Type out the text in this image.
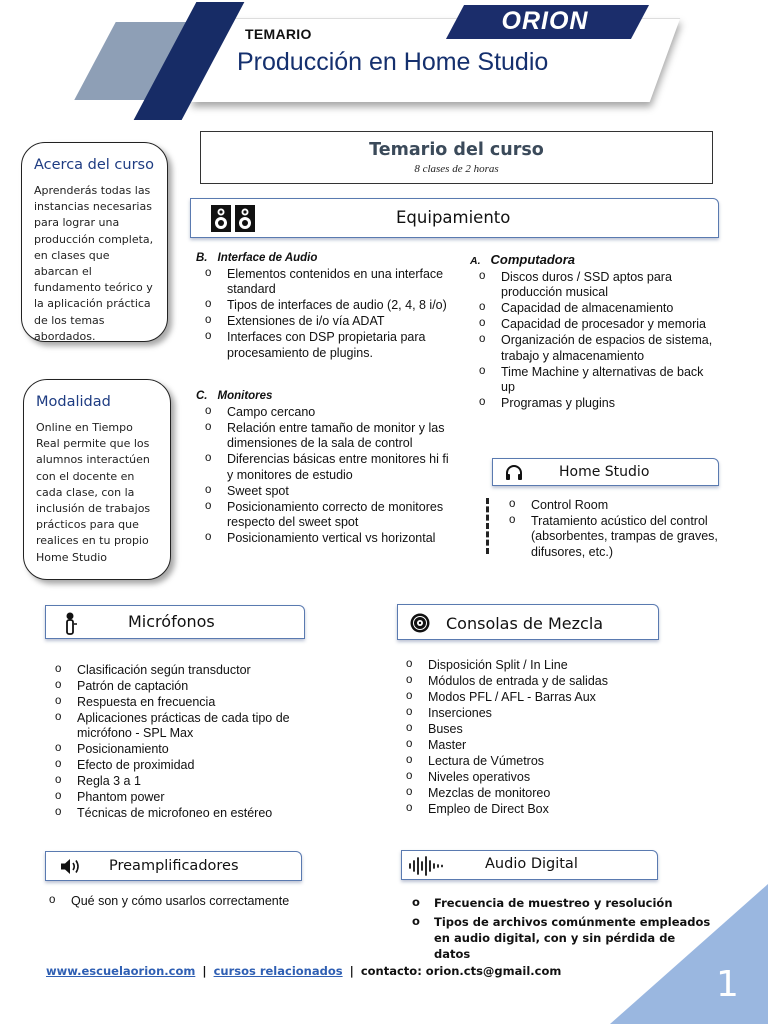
ORION
TEMARIO
Producción en Home Studio
Acerca del curso

Aprenderás todas las instancias necesarias para lograr una producción completa, en clases que abarcan el fundamento teórico y la aplicación práctica de los temas abordados.

Modalidad

Online en Tiempo Real permite que los alumnos interactúen con el docente en cada clase, con la inclusión de trabajos prácticos para que realices en tu propio Home Studio

Temario del curso
8 clases de 2 horas
Equipamiento
B. Interface de Audio
o Elementos contenidos en una interface standard
o Tipos de interfaces de audio (2, 4, 8 i/o)
o Extensiones de i/o vía ADAT
o Interfaces con DSP propietaria para procesamiento de plugins.
C. Monitores
o Campo cercano
o Relación entre tamaño de monitor y las dimensiones de la sala de control
o Diferencias básicas entre monitores hi fi y monitores de estudio
o Sweet spot
o Posicionamiento correcto de monitores respecto del sweet spot
o Posicionamiento vertical vs horizontal
A. Computadora
o Discos duros / SSD aptos para producción musical
o Capacidad de almacenamiento
o Capacidad de procesador y memoria
o Organización de espacios de sistema, trabajo y almacenamiento
o Time Machine y alternativas de back up
o Programas y plugins
Home Studio
o Control Room
o Tratamiento acústico del control (absorbentes, trampas de graves, difusores, etc.)
Micrófonos
o Clasificación según transductor
o Patrón de captación
o Respuesta en frecuencia
o Aplicaciones prácticas de cada tipo de micrófono - SPL Max
o Posicionamiento
o Efecto de proximidad
o Regla 3 a 1
o Phantom power
o Técnicas de microfoneo en estéreo
Consolas de Mezcla
o Disposición Split / In Line
o Módulos de entrada y de salidas
o Modos PFL / AFL - Barras Aux
o Inserciones
o Buses
o Master
o Lectura de Vúmetros
o Niveles operativos
o Mezclas de monitoreo
o Empleo de Direct Box
Preamplificadores
o Qué son y cómo usarlos correctamente
Audio Digital
o Frecuencia de muestreo y resolución
o Tipos de archivos comúnmente empleados en audio digital, con y sin pérdida de datos
www.escuelaorion.com | cursos relacionados | contacto: orion.cts@gmail.com	1
